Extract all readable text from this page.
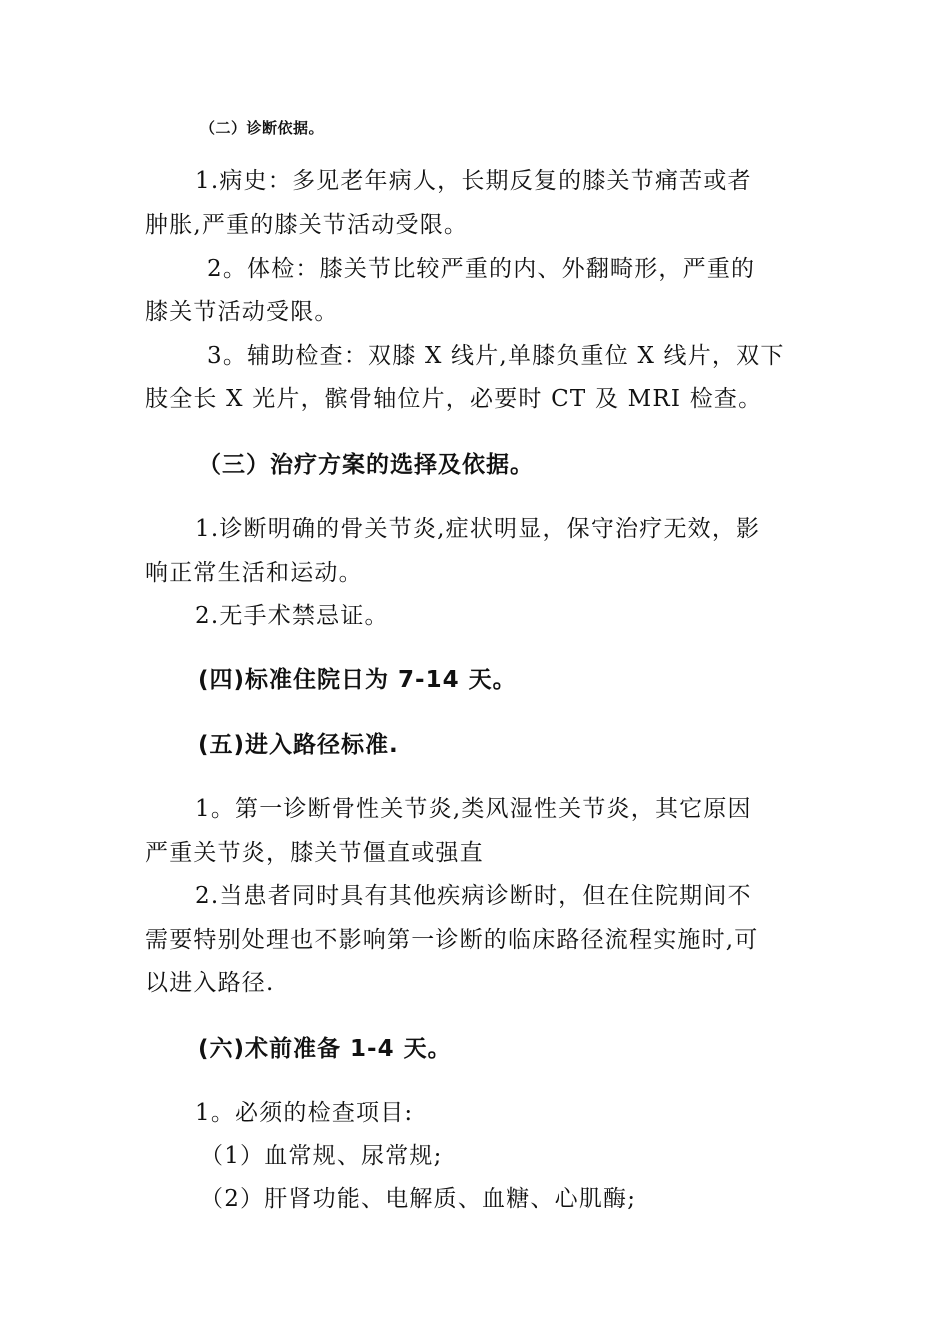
（二）诊断依据。
1.病史：多见老年病人，长期反复的膝关节痛苦或者
肿胀,严重的膝关节活动受限。
2。体检：膝关节比较严重的内、外翻畸形，严重的
膝关节活动受限。
3。辅助检查：双膝 X 线片,单膝负重位 X 线片，双下
肢全长 X 光片，髌骨轴位片，必要时 CT 及 MRI 检查。
（三）治疗方案的选择及依据。
1.诊断明确的骨关节炎,症状明显，保守治疗无效，影
响正常生活和运动。
2.无手术禁忌证。
(四)标准住院日为 7-14 天。
(五)进入路径标准.
1。第一诊断骨性关节炎,类风湿性关节炎，其它原因
严重关节炎，膝关节僵直或强直
2.当患者同时具有其他疾病诊断时，但在住院期间不
需要特别处理也不影响第一诊断的临床路径流程实施时,可
以进入路径.
(六)术前准备 1-4 天。
1。必须的检查项目:
（1）血常规、尿常规;
（2）肝肾功能、电解质、血糖、心肌酶;
